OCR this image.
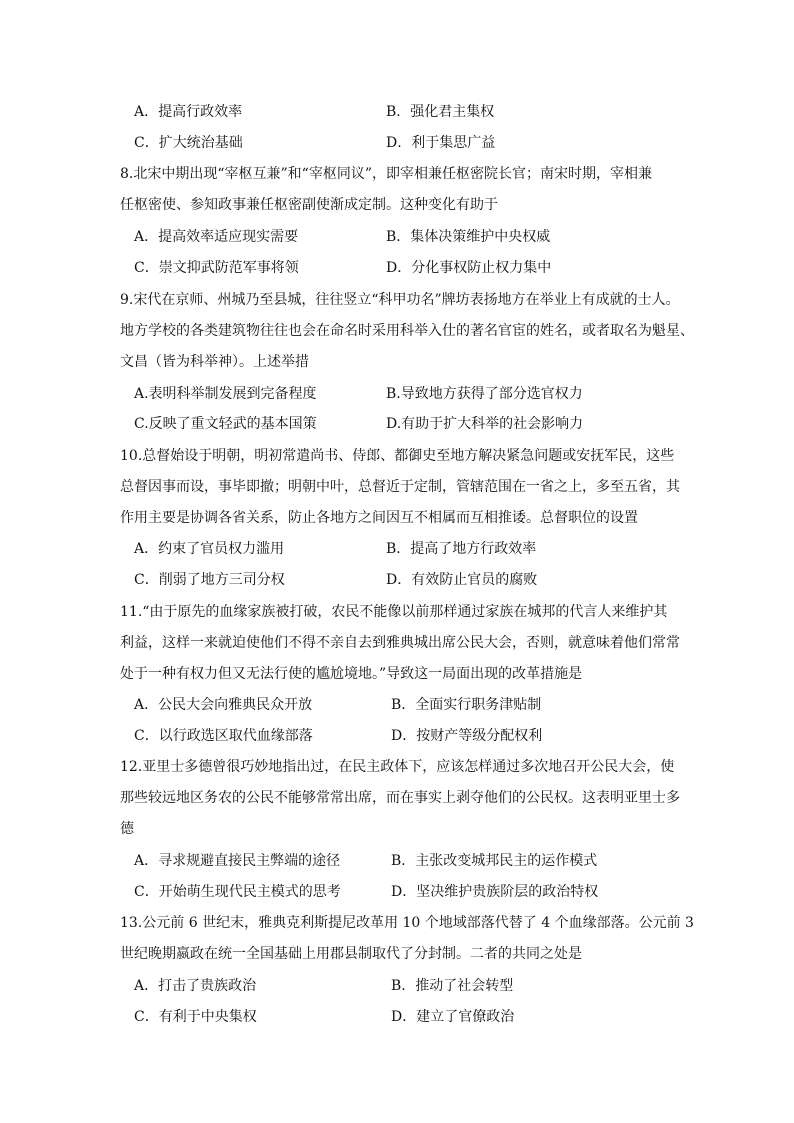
A．提高行政效率	B．强化君主集权
C．扩大统治基础	D．利于集思广益
8.北宋中期出现“宰枢互兼”和“宰枢同议”，即宰相兼任枢密院长官；南宋时期，宰相兼
任枢密使、参知政事兼任枢密副使渐成定制。这种变化有助于
A．提高效率适应现实需要	B．集体决策维护中央权威
C．崇文抑武防范军事将领	D．分化事权防止权力集中
9.宋代在京师、州城乃至县城，往往竖立“科甲功名”牌坊表扬地方在举业上有成就的士人。
地方学校的各类建筑物往往也会在命名时采用科举入仕的著名官宦的姓名，或者取名为魁星、
文昌（皆为科举神）。上述举措
A.表明科举制发展到完备程度	B.导致地方获得了部分选官权力
C.反映了重文轻武的基本国策	D.有助于扩大科举的社会影响力
10.总督始设于明朝，明初常遣尚书、侍郎、都御史至地方解决紧急问题或安抚军民，这些
总督因事而设，事毕即撤；明朝中叶，总督近于定制，管辖范围在一省之上，多至五省，其
作用主要是协调各省关系，防止各地方之间因互不相属而互相推诿。总督职位的设置
A．约束了官员权力滥用	B．提高了地方行政效率
C．削弱了地方三司分权	D．有效防止官员的腐败
11.“由于原先的血缘家族被打破，农民不能像以前那样通过家族在城邦的代言人来维护其
利益，这样一来就迫使他们不得不亲自去到雅典城出席公民大会，否则，就意味着他们常常
处于一种有权力但又无法行使的尴尬境地。”导致这一局面出现的改革措施是
A．公民大会向雅典民众开放	B．全面实行职务津贴制
C．以行政选区取代血缘部落	D．按财产等级分配权利
12.亚里士多德曾很巧妙地指出过，在民主政体下，应该怎样通过多次地召开公民大会，使
那些较远地区务农的公民不能够常常出席，而在事实上剥夺他们的公民权。这表明亚里士多
德
A．寻求规避直接民主弊端的途径	B．主张改变城邦民主的运作模式
C．开始萌生现代民主模式的思考	D．坚决维护贵族阶层的政治特权
13.公元前 6 世纪末，雅典克利斯提尼改革用 10 个地域部落代替了 4 个血缘部落。公元前 3
世纪晚期嬴政在统一全国基础上用郡县制取代了分封制。二者的共同之处是
A．打击了贵族政治	B．推动了社会转型
C．有利于中央集权	D．建立了官僚政治
